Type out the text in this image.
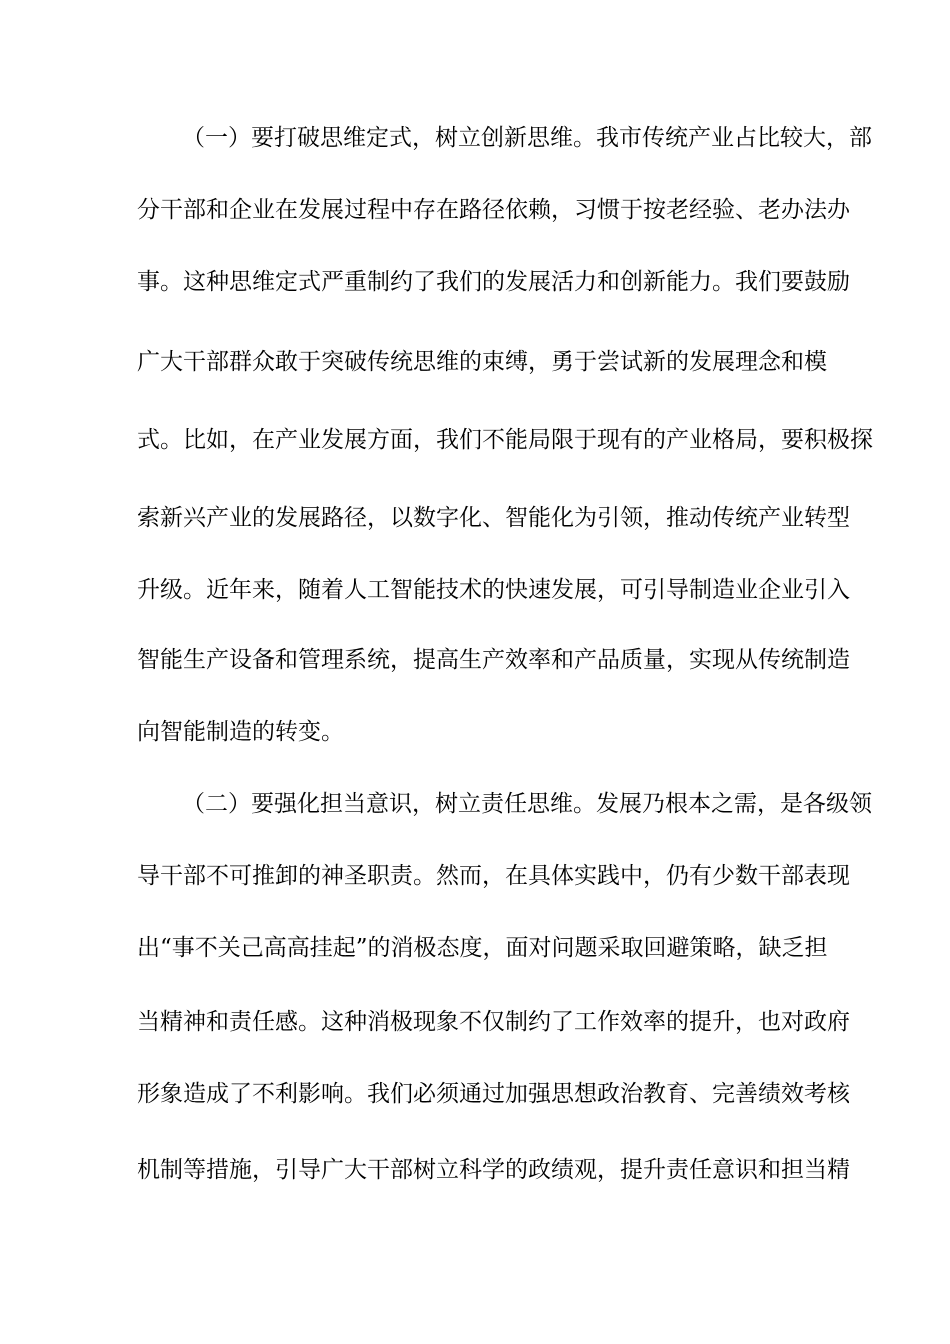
（一）要打破思维定式，树立创新思维。我市传统产业占比较大，部
分干部和企业在发展过程中存在路径依赖，习惯于按老经验、老办法办
事。这种思维定式严重制约了我们的发展活力和创新能力。我们要鼓励
广大干部群众敢于突破传统思维的束缚，勇于尝试新的发展理念和模
式。比如，在产业发展方面，我们不能局限于现有的产业格局，要积极探
索新兴产业的发展路径，以数字化、智能化为引领，推动传统产业转型
升级。近年来，随着人工智能技术的快速发展，可引导制造业企业引入
智能生产设备和管理系统，提高生产效率和产品质量，实现从传统制造
向智能制造的转变。
（二）要强化担当意识，树立责任思维。发展乃根本之需，是各级领
导干部不可推卸的神圣职责。然而，在具体实践中，仍有少数干部表现
出“事不关己高高挂起”的消极态度，面对问题采取回避策略，缺乏担
当精神和责任感。这种消极现象不仅制约了工作效率的提升，也对政府
形象造成了不利影响。我们必须通过加强思想政治教育、完善绩效考核
机制等措施，引导广大干部树立科学的政绩观，提升责任意识和担当精
